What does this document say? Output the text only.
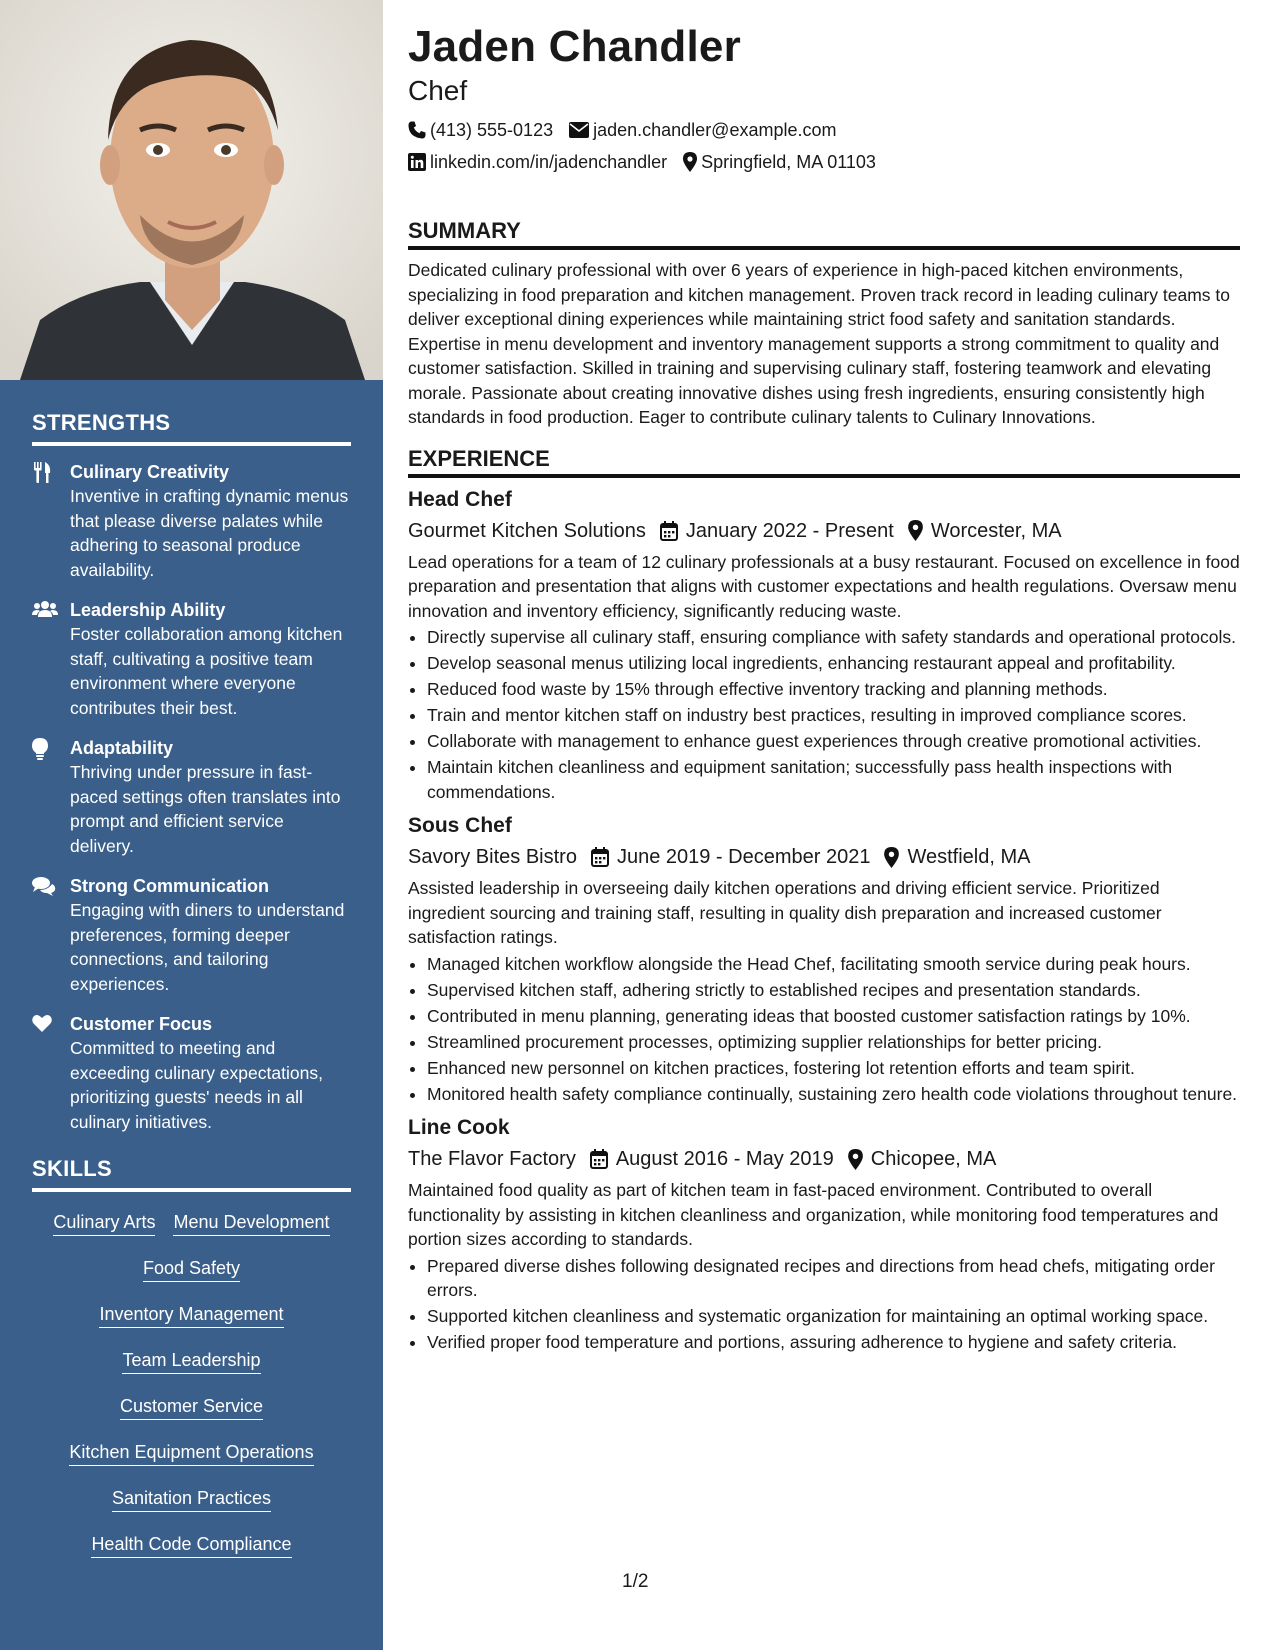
STRENGTHS
Culinary Creativity
Inventive in crafting dynamic menus that please diverse palates while adhering to seasonal produce availability.
Leadership Ability
Foster collaboration among kitchen staff, cultivating a positive team environment where everyone contributes their best.
Adaptability
Thriving under pressure in fast-paced settings often translates into prompt and efficient service delivery.
Strong Communication
Engaging with diners to understand preferences, forming deeper connections, and tailoring experiences.
Customer Focus
Committed to meeting and exceeding culinary expectations, prioritizing guests' needs in all culinary initiatives.
SKILLS
Culinary Arts Menu Development
Food Safety
Inventory Management
Team Leadership
Customer Service
Kitchen Equipment Operations
Sanitation Practices
Health Code Compliance
Jaden Chandler
Chef
(413) 555-0123 jaden.chandler@example.com
linkedin.com/in/jadenchandler Springfield, MA 01103
SUMMARY

Dedicated culinary professional with over 6 years of experience in high-paced kitchen environments, specializing in food preparation and kitchen management. Proven track record in leading culinary teams to deliver exceptional dining experiences while maintaining strict food safety and sanitation standards. Expertise in menu development and inventory management supports a strong commitment to quality and customer satisfaction. Skilled in training and supervising culinary staff, fostering teamwork and elevating morale. Passionate about creating innovative dishes using fresh ingredients, ensuring consistently high standards in food production. Eager to contribute culinary talents to Culinary Innovations.

EXPERIENCE
Head Chef
Gourmet Kitchen Solutions January 2022 - Present Worcester, MA
Lead operations for a team of 12 culinary professionals at a busy restaurant. Focused on excellence in food preparation and presentation that aligns with customer expectations and health regulations. Oversaw menu innovation and inventory efficiency, significantly reducing waste.
• Directly supervise all culinary staff, ensuring compliance with safety standards and operational protocols.
• Develop seasonal menus utilizing local ingredients, enhancing restaurant appeal and profitability.
• Reduced food waste by 15% through effective inventory tracking and planning methods.
• Train and mentor kitchen staff on industry best practices, resulting in improved compliance scores.
• Collaborate with management to enhance guest experiences through creative promotional activities.
• Maintain kitchen cleanliness and equipment sanitation; successfully pass health inspections with commendations.
Sous Chef
Savory Bites Bistro June 2019 - December 2021 Westfield, MA
Assisted leadership in overseeing daily kitchen operations and driving efficient service. Prioritized ingredient sourcing and training staff, resulting in quality dish preparation and increased customer satisfaction ratings.
• Managed kitchen workflow alongside the Head Chef, facilitating smooth service during peak hours.
• Supervised kitchen staff, adhering strictly to established recipes and presentation standards.
• Contributed in menu planning, generating ideas that boosted customer satisfaction ratings by 10%.
• Streamlined procurement processes, optimizing supplier relationships for better pricing.
• Enhanced new personnel on kitchen practices, fostering lot retention efforts and team spirit.
• Monitored health safety compliance continually, sustaining zero health code violations throughout tenure.
Line Cook
The Flavor Factory August 2016 - May 2019 Chicopee, MA
Maintained food quality as part of kitchen team in fast-paced environment. Contributed to overall functionality by assisting in kitchen cleanliness and organization, while monitoring food temperatures and portion sizes according to standards.
• Prepared diverse dishes following designated recipes and directions from head chefs, mitigating order errors.
• Supported kitchen cleanliness and systematic organization for maintaining an optimal working space.
• Verified proper food temperature and portions, assuring adherence to hygiene and safety criteria.
1/2
